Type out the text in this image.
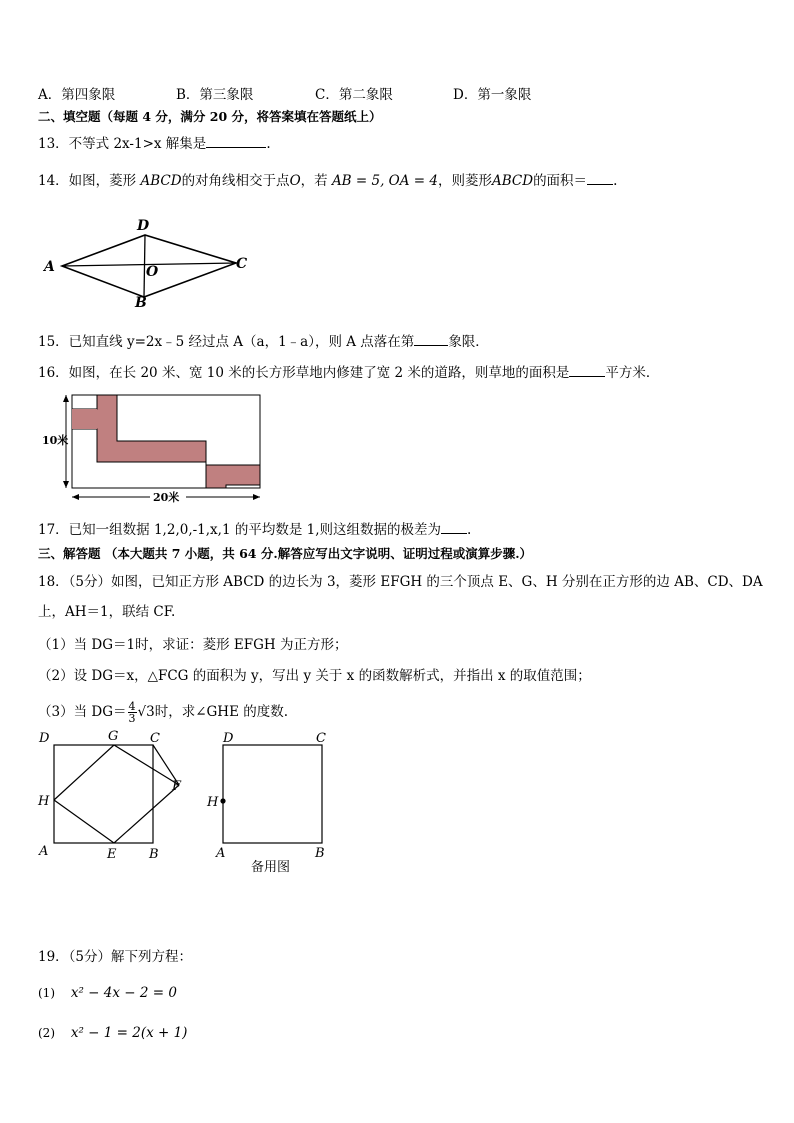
A．第四象限	B．第三象限	C．第二象限	D．第一象限
二、填空题（每题 4 分，满分 20 分，将答案填在答题纸上）
13．不等式 2x-1>x 解集是	.
14．如图，菱形 ABCD的对角线相交于点O，若 AB = 5, OA = 4，则菱形ABCD的面积＝ .
A
D
C
B
O
15．已知直线 y=2x﹣5 经过点 A（a，1﹣a），则 A 点落在第	象限．
16．如图，在长 20 米、宽 10 米的长方形草地内修建了宽 2 米的道路，则草地的面积是	平方米．
10米
20米
17．已知一组数据 1,2,0,-1,x,1 的平均数是 1,则这组数据的极差为 .
三、解答题 （本大题共 7 小题，共 64 分.解答应写出文字说明、证明过程或演算步骤.）
18．（5分）如图，已知正方形 ABCD 的边长为 3，菱形 EFGH 的三个顶点 E、G、H 分别在正方形的边 AB、CD、DA
上，AH＝1，联结 CF.
（1）当 DG＝1时，求证：菱形 EFGH 为正方形；
（2）设 DG＝x，△FCG 的面积为 y，写出 y 关于 x 的函数解析式，并指出 x 的取值范围；
（3）当 $DG= \frac{4}{3} √3$时，求∠GHE 的度数.
D	G C
F
H
A	E	B
D	C
H
A	B
备用图
19．（5分）解下列方程：
(1) x² − 4x − 2 = 0
(2) x² − 1 = 2(x + 1)
